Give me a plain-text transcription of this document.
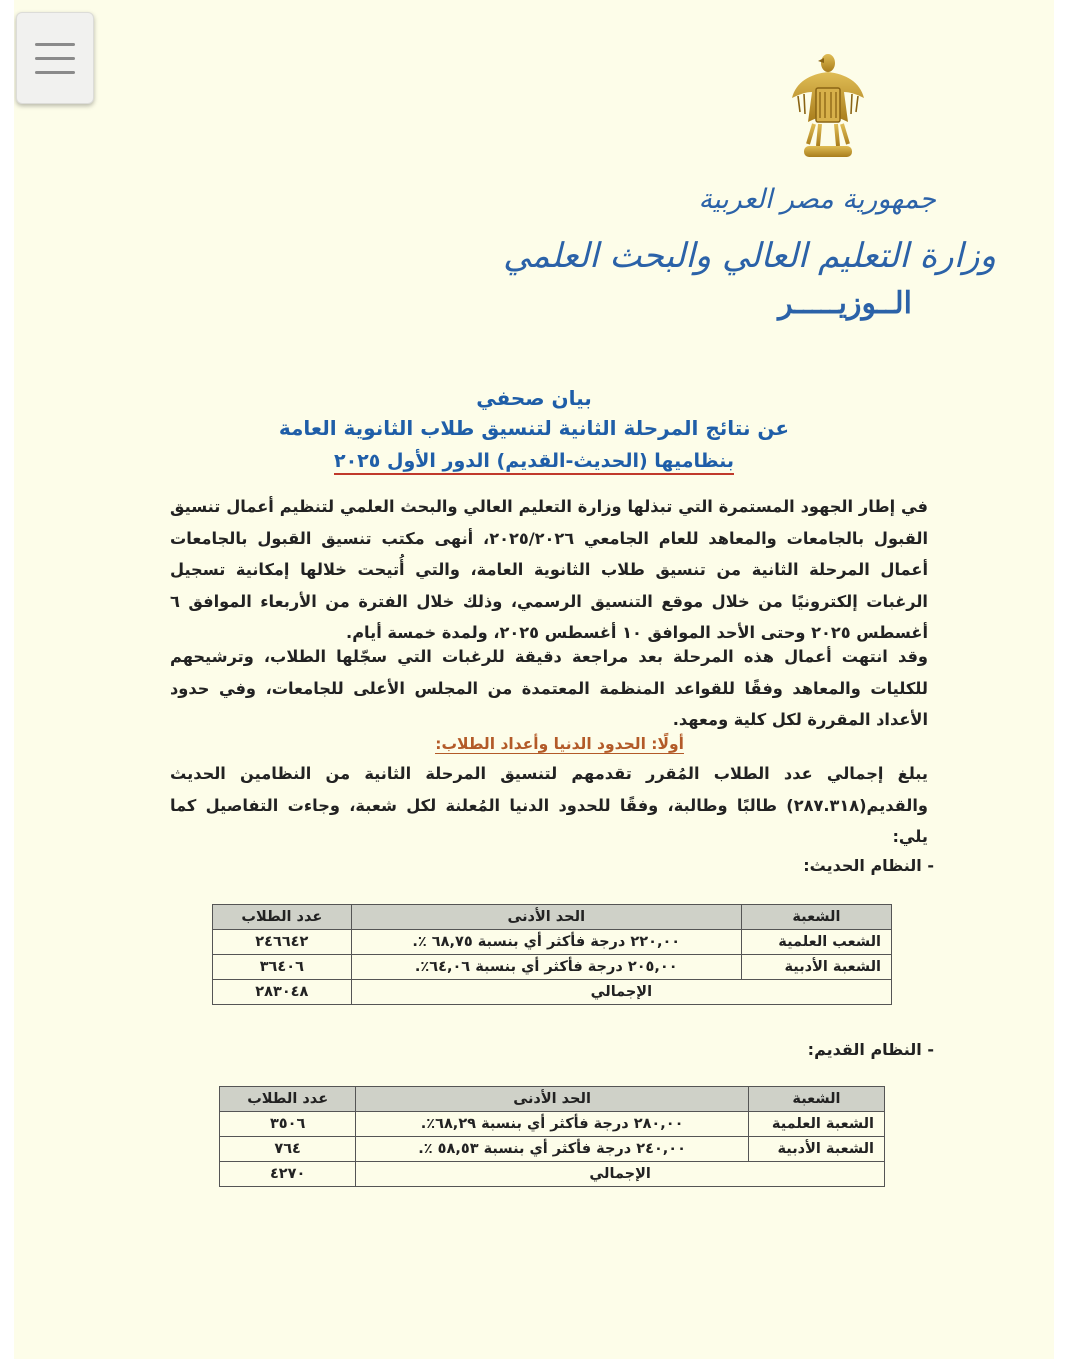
جمهورية مصر العربية
وزارة التعليم العالي والبحث العلمي
الــوزيـــــر
بيان صحفي
عن نتائج المرحلة الثانية لتنسيق طلاب الثانوية العامة
بنظاميها (الحديث-القديم) الدور الأول ٢٠٢٥

في إطار الجهود المستمرة التي تبذلها وزارة التعليم العالي والبحث العلمي لتنظيم أعمال تنسيق القبول بالجامعات والمعاهد للعام الجامعي ٢٠٢٥/٢٠٢٦، أنهى مكتب تنسيق القبول بالجامعات أعمال المرحلة الثانية من تنسيق طلاب الثانوية العامة، والتي أُتيحت خلالها إمكانية تسجيل الرغبات إلكترونيًا من خلال موقع التنسيق الرسمي، وذلك خلال الفترة من الأربعاء الموافق ٦ أغسطس ٢٠٢٥ وحتى الأحد الموافق ١٠ أغسطس ٢٠٢٥، ولمدة خمسة أيام.

وقد انتهت أعمال هذه المرحلة بعد مراجعة دقيقة للرغبات التي سجّلها الطلاب، وترشيحهم للكليات والمعاهد وفقًا للقواعد المنظمة المعتمدة من المجلس الأعلى للجامعات، وفي حدود الأعداد المقررة لكل كلية ومعهد.

أولًا: الحدود الدنيا وأعداد الطلاب:

يبلغ إجمالي عدد الطلاب المُقرر تقدمهم لتنسيق المرحلة الثانية من النظامين الحديث والقديم(٢٨٧.٣١٨) طالبًا وطالبة، وفقًا للحدود الدنيا المُعلنة لكل شعبة، وجاءت التفاصيل كما يلي:

- النظام الحديث:
الشعبة	الحد الأدنى	عدد الطلاب
الشعب العلمية	٢٢٠,٠٠ درجة فأكثر أي بنسبة ٦٨,٧٥ ٪.	٢٤٦٦٤٢
الشعبة الأدبية	٢٠٥,٠٠ درجة فأكثر أي بنسبة ٦٤,٠٦٪.	٣٦٤٠٦
الإجمالي		٢٨٣٠٤٨
- النظام القديم:
الشعبة	الحد الأدنى	عدد الطلاب
الشعبة العلمية	٢٨٠,٠٠ درجة فأكثر أي بنسبة ٦٨,٢٩٪.	٣٥٠٦
الشعبة الأدبية	٢٤٠,٠٠ درجة فأكثر أي بنسبة ٥٨,٥٣ ٪.	٧٦٤
الإجمالي		٤٢٧٠
